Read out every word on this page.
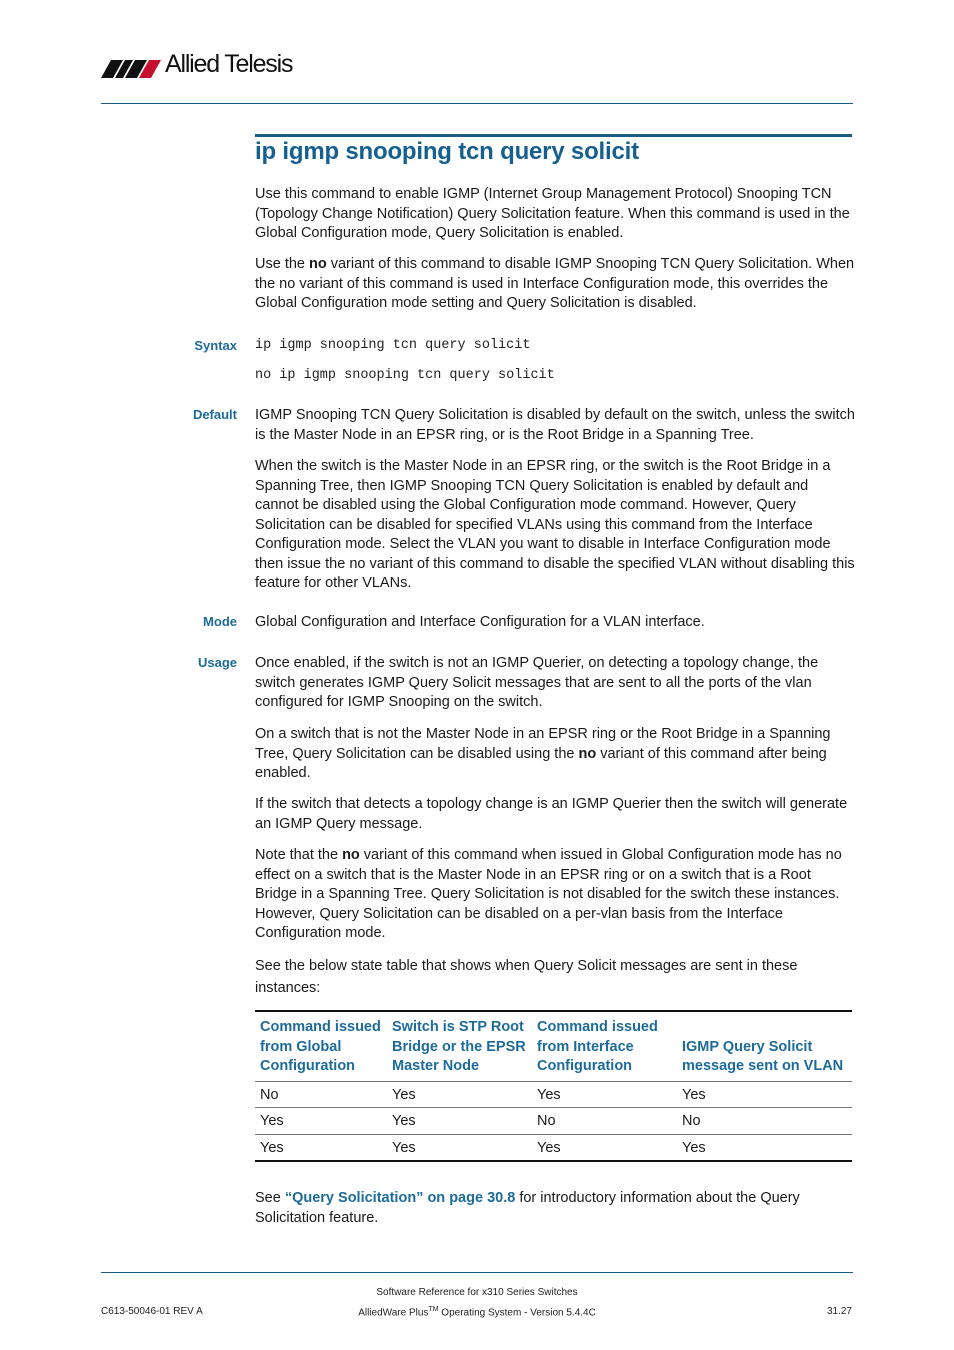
Allied Telesis
ip igmp snooping tcn query solicit
Use this command to enable IGMP (Internet Group Management Protocol) Snooping TCN (Topology Change Notification) Query Solicitation feature. When this command is used in the Global Configuration mode, Query Solicitation is enabled.
Use the no variant of this command to disable IGMP Snooping TCN Query Solicitation. When the no variant of this command is used in Interface Configuration mode, this overrides the Global Configuration mode setting and Query Solicitation is disabled.
Syntax ip igmp snooping tcn query solicit
no ip igmp snooping tcn query solicit
Default IGMP Snooping TCN Query Solicitation is disabled by default on the switch, unless the switch is the Master Node in an EPSR ring, or is the Root Bridge in a Spanning Tree.
When the switch is the Master Node in an EPSR ring, or the switch is the Root Bridge in a Spanning Tree, then IGMP Snooping TCN Query Solicitation is enabled by default and cannot be disabled using the Global Configuration mode command. However, Query Solicitation can be disabled for specified VLANs using this command from the Interface Configuration mode. Select the VLAN you want to disable in Interface Configuration mode then issue the no variant of this command to disable the specified VLAN without disabling this feature for other VLANs.
Mode Global Configuration and Interface Configuration for a VLAN interface.
Usage Once enabled, if the switch is not an IGMP Querier, on detecting a topology change, the switch generates IGMP Query Solicit messages that are sent to all the ports of the vlan configured for IGMP Snooping on the switch.
On a switch that is not the Master Node in an EPSR ring or the Root Bridge in a Spanning Tree, Query Solicitation can be disabled using the no variant of this command after being enabled.
If the switch that detects a topology change is an IGMP Querier then the switch will generate an IGMP Query message.
Note that the no variant of this command when issued in Global Configuration mode has no effect on a switch that is the Master Node in an EPSR ring or on a switch that is a Root Bridge in a Spanning Tree. Query Solicitation is not disabled for the switch these instances. However, Query Solicitation can be disabled on a per-vlan basis from the Interface Configuration mode.
See the below state table that shows when Query Solicit messages are sent in these instances:
Command issued from Global Configuration	Switch is STP Root Bridge or the EPSR Master Node	Command issued from Interface Configuration	IGMP Query Solicit message sent on VLAN
No	Yes	Yes	Yes
Yes	Yes	No	No
Yes	Yes	Yes	Yes
See “Query Solicitation” on page 30.8 for introductory information about the Query Solicitation feature.
C613-50046-01 REV A
Software Reference for x310 Series Switches
AlliedWare Plus™ Operating System - Version 5.4.4C	31.27
